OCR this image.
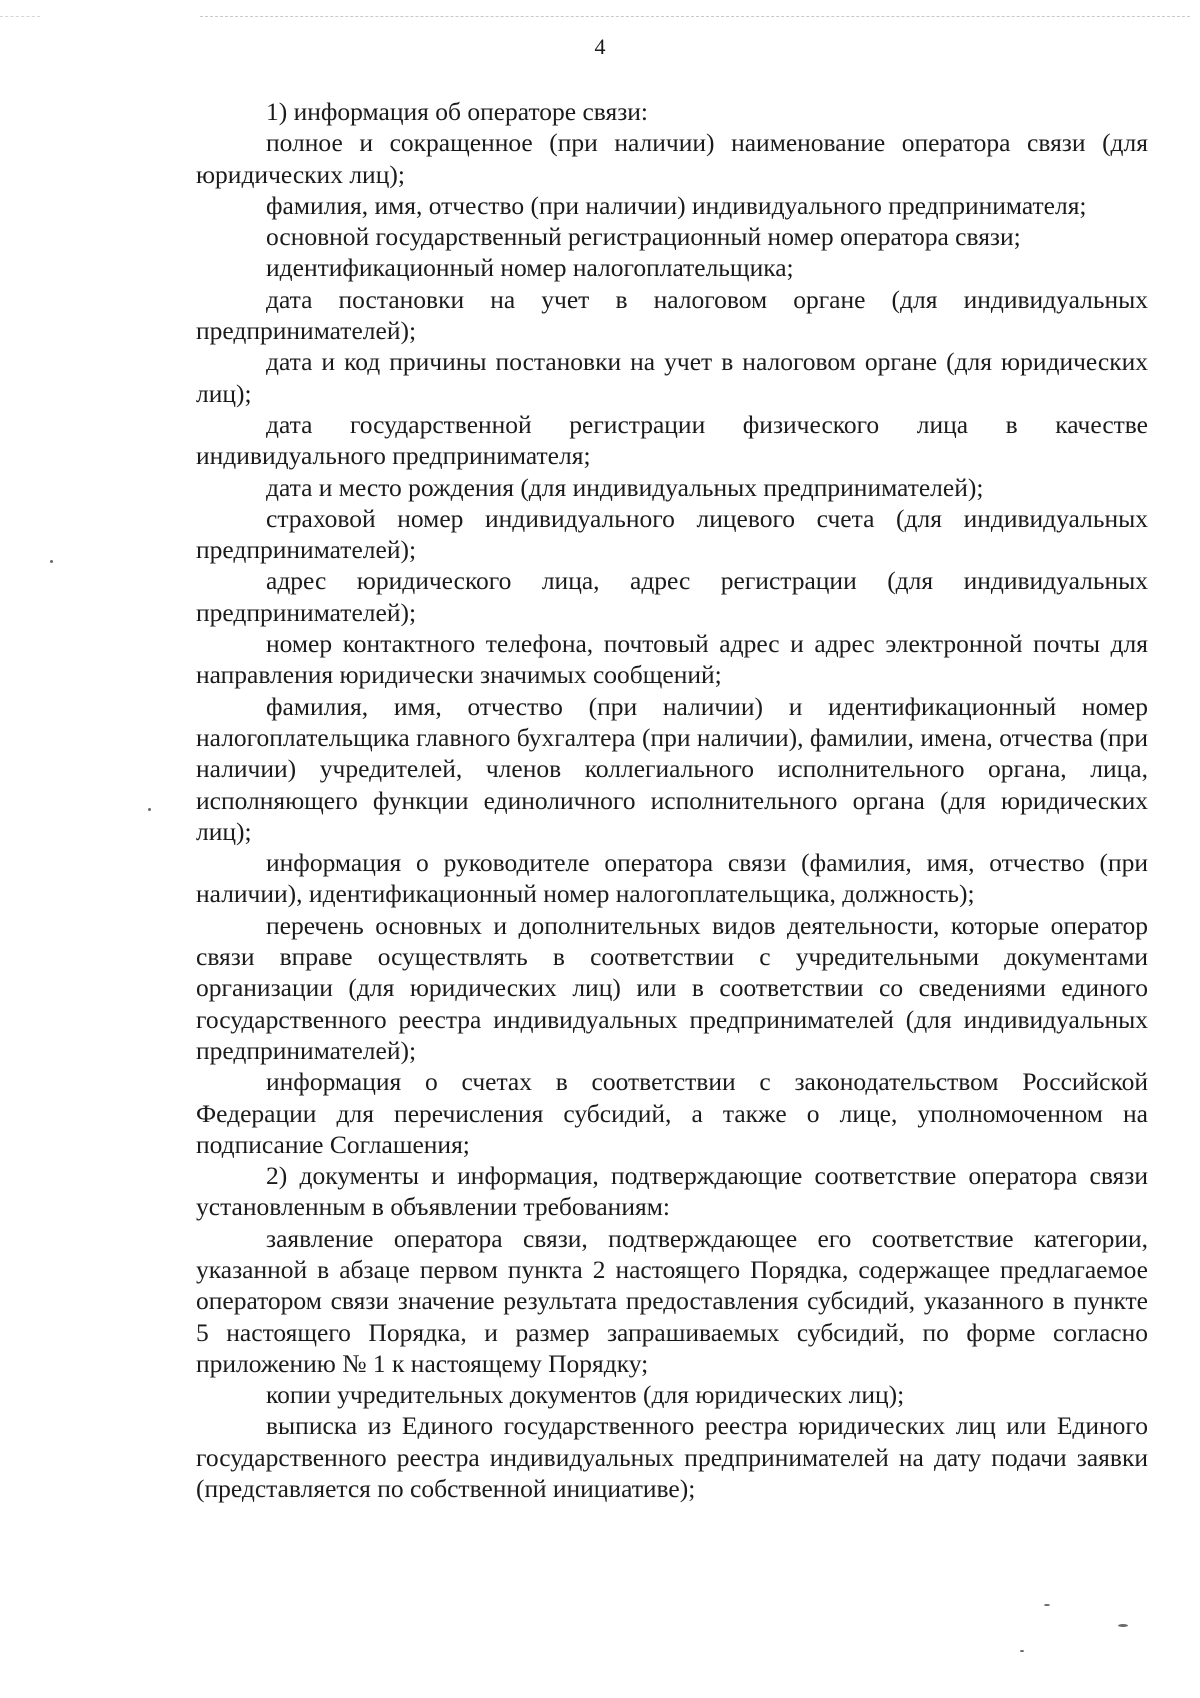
4

1) информация об операторе связи:

полное и сокращенное (при наличии) наименование оператора связи (для юридических лиц);

фамилия, имя, отчество (при наличии) индивидуального предпринимателя;

основной государственный регистрационный номер оператора связи;

идентификационный номер налогоплательщика;

дата постановки на учет в налоговом органе (для индивидуальных предпринимателей);

дата и код причины постановки на учет в налоговом органе (для юридических лиц);

дата государственной регистрации физического лица в качестве индивидуального предпринимателя;

дата и место рождения (для индивидуальных предпринимателей);

страховой номер индивидуального лицевого счета (для индивидуальных предпринимателей);

адрес юридического лица, адрес регистрации (для индивидуальных предпринимателей);

номер контактного телефона, почтовый адрес и адрес электронной почты для направления юридически значимых сообщений;

фамилия, имя, отчество (при наличии) и идентификационный номер налогоплательщика главного бухгалтера (при наличии), фамилии, имена, отчества (при наличии) учредителей, членов коллегиального исполнительного органа, лица, исполняющего функции единоличного исполнительного органа (для юридических лиц);

информация о руководителе оператора связи (фамилия, имя, отчество (при наличии), идентификационный номер налогоплательщика, должность);

перечень основных и дополнительных видов деятельности, которые оператор связи вправе осуществлять в соответствии с учредительными документами организации (для юридических лиц) или в соответствии со сведениями единого государственного реестра индивидуальных предпринимателей (для индивидуальных предпринимателей);

информация о счетах в соответствии с законодательством Российской Федерации для перечисления субсидий, а также о лице, уполномоченном на подписание Соглашения;

2) документы и информация, подтверждающие соответствие оператора связи установленным в объявлении требованиям:

заявление оператора связи, подтверждающее его соответствие категории, указанной в абзаце первом пункта 2 настоящего Порядка, содержащее предлагаемое оператором связи значение результата предоставления субсидий, указанного в пункте 5 настоящего Порядка, и размер запрашиваемых субсидий, по форме согласно приложению № 1 к настоящему Порядку;

копии учредительных документов (для юридических лиц);

выписка из Единого государственного реестра юридических лиц или Единого государственного реестра индивидуальных предпринимателей на дату подачи заявки (представляется по собственной инициативе);
